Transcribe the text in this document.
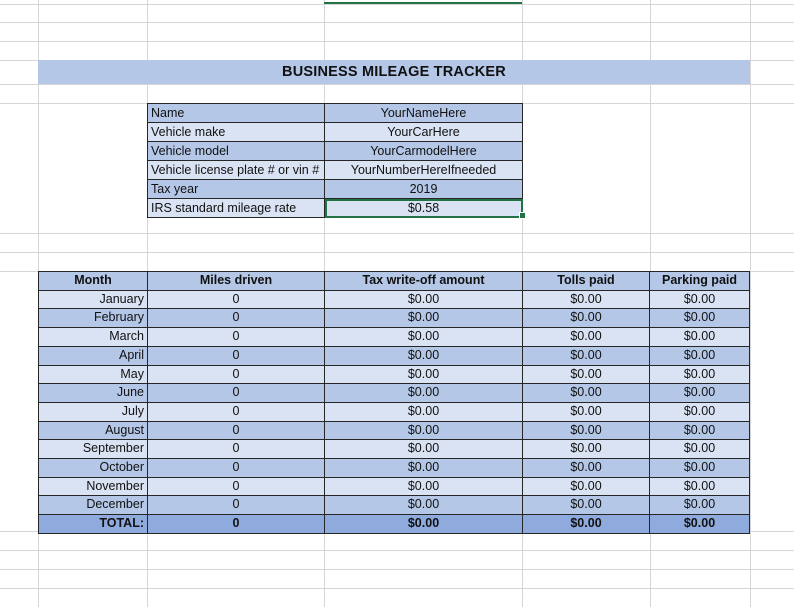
BUSINESS MILEAGE TRACKER
Name	YourNameHere
Vehicle make	YourCarHere
Vehicle model	YourCarmodelHere
Vehicle license plate # or vin #	YourNumberHereIfneeded
Tax year	2019
IRS standard mileage rate	$0.58
Month	Miles driven	Tax write-off amount	Tolls paid	Parking paid
January	0	$0.00	$0.00	$0.00
February	0	$0.00	$0.00	$0.00
March	0	$0.00	$0.00	$0.00
April	0	$0.00	$0.00	$0.00
May	0	$0.00	$0.00	$0.00
June	0	$0.00	$0.00	$0.00
July	0	$0.00	$0.00	$0.00
August	0	$0.00	$0.00	$0.00
September	0	$0.00	$0.00	$0.00
October	0	$0.00	$0.00	$0.00
November	0	$0.00	$0.00	$0.00
December	0	$0.00	$0.00	$0.00
TOTAL:	0	$0.00	$0.00	$0.00
